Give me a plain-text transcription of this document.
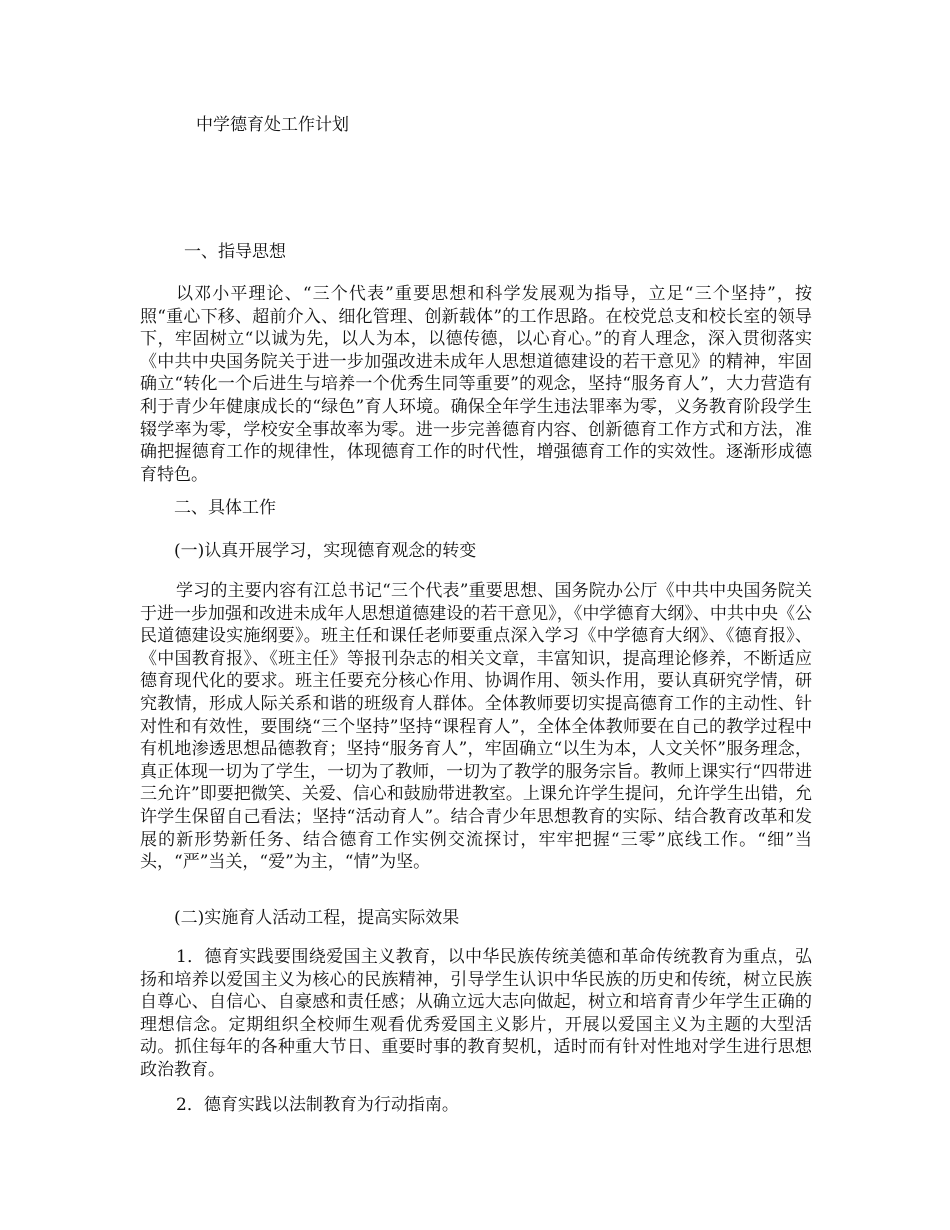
中学德育处工作计划

一、指导思想

以邓小平理论、“三个代表”重要思想和科学发展观为指导，立足“三个坚持”，按照“重心下移、超前介入、细化管理、创新载体”的工作思路。在校党总支和校长室的领导下，牢固树立“以诚为先，以人为本，以德传德，以心育心。”的育人理念，深入贯彻落实《中共中央国务院关于进一步加强改进未成年人思想道德建设的若干意见》的精神，牢固确立“转化一个后进生与培养一个优秀生同等重要”的观念，坚持“服务育人”，大力营造有利于青少年健康成长的“绿色”育人环境。确保全年学生违法罪率为零，义务教育阶段学生辍学率为零，学校安全事故率为零。进一步完善德育内容、创新德育工作方式和方法，准确把握德育工作的规律性，体现德育工作的时代性，增强德育工作的实效性。逐渐形成德育特色。

二、具体工作

(一)认真开展学习，实现德育观念的转变

学习的主要内容有江总书记“三个代表”重要思想、国务院办公厅《中共中央国务院关于进一步加强和改进未成年人思想道德建设的若干意见》，《中学德育大纲》、中共中央《公民道德建设实施纲要》。班主任和课任老师要重点深入学习《中学德育大纲》、《德育报》、《中国教育报》、《班主任》等报刊杂志的相关文章，丰富知识，提高理论修养，不断适应德育现代化的要求。班主任要充分核心作用、协调作用、领头作用，要认真研究学情，研究教情，形成人际关系和谐的班级育人群体。全体教师要切实提高德育工作的主动性、针对性和有效性，要围绕“三个坚持”坚持“课程育人”，全体全体教师要在自己的教学过程中有机地渗透思想品德教育；坚持“服务育人”，牢固确立“以生为本，人文关怀”服务理念，真正体现一切为了学生，一切为了教师，一切为了教学的服务宗旨。教师上课实行“四带进三允许”即要把微笑、关爱、信心和鼓励带进教室。上课允许学生提问，允许学生出错，允许学生保留自己看法；坚持“活动育人”。结合青少年思想教育的实际、结合教育改革和发展的新形势新任务、结合德育工作实例交流探讨，牢牢把握“三零”底线工作。“细”当头，“严”当关，“爱”为主，“情”为坚。

(二)实施育人活动工程，提高实际效果

1．德育实践要围绕爱国主义教育，以中华民族传统美德和革命传统教育为重点，弘扬和培养以爱国主义为核心的民族精神，引导学生认识中华民族的历史和传统，树立民族自尊心、自信心、自豪感和责任感；从确立远大志向做起，树立和培育青少年学生正确的理想信念。定期组织全校师生观看优秀爱国主义影片，开展以爱国主义为主题的大型活动。抓住每年的各种重大节日、重要时事的教育契机，适时而有针对性地对学生进行思想政治教育。

2．德育实践以法制教育为行动指南。
